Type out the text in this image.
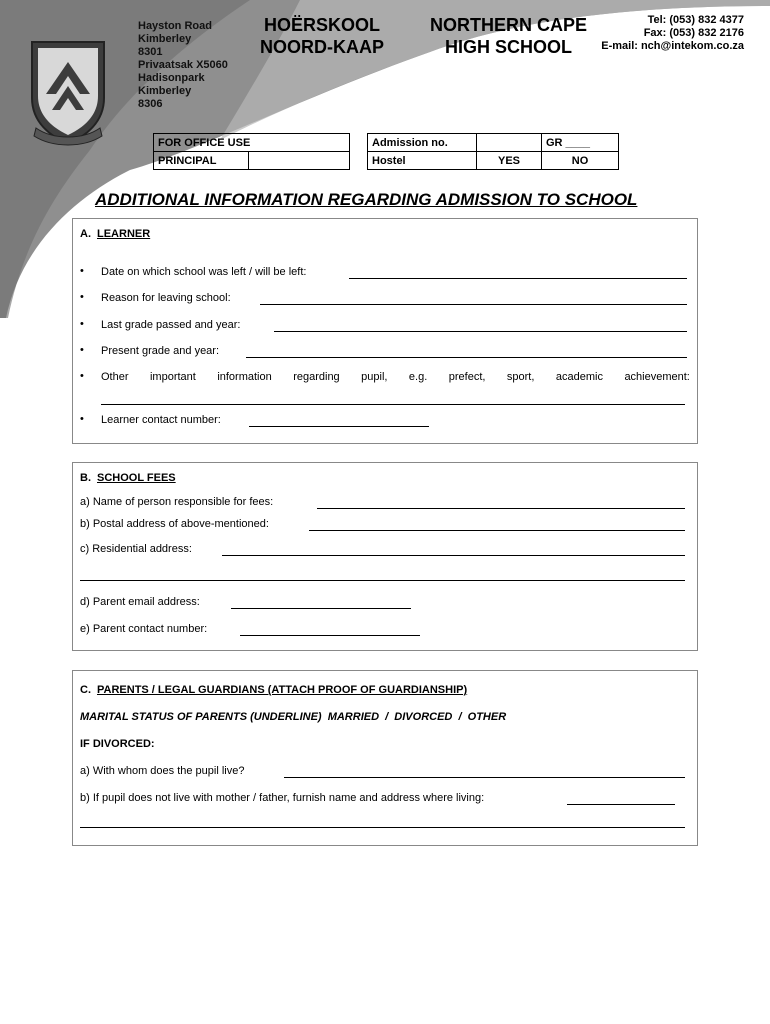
Hayston Road
Kimberley
8301
Privaatsak X5060
Hadisonpark
Kimberley
8306
HOËRSKOOL
NOORD-KAAP
NORTHERN CAPE
HIGH SCHOOL
Tel: (053) 832 4377
Fax: (053) 832 2176
E-mail: nch@intekom.co.za
FOR OFFICE USE
PRINCIPAL	
Admission no.		GR ____
Hostel	YES	NO
ADDITIONAL INFORMATION REGARDING ADMISSION TO SCHOOL
A. LEARNER
• Date on which school was left / will be left:
• Reason for leaving school:
• Last grade passed and year:
• Present grade and year:
• Other important information regarding pupil, e.g. prefect, sport, academic achievement:
• Learner contact number:
B. SCHOOL FEES
a) Name of person responsible for fees:
b) Postal address of above-mentioned:
c) Residential address:
d) Parent email address:
e) Parent contact number:
C. PARENTS / LEGAL GUARDIANS (ATTACH PROOF OF GUARDIANSHIP)
MARITAL STATUS OF PARENTS (UNDERLINE)  MARRIED  /  DIVORCED  /  OTHER
IF DIVORCED:
a) With whom does the pupil live?
b) If pupil does not live with mother / father, furnish name and address where living:
